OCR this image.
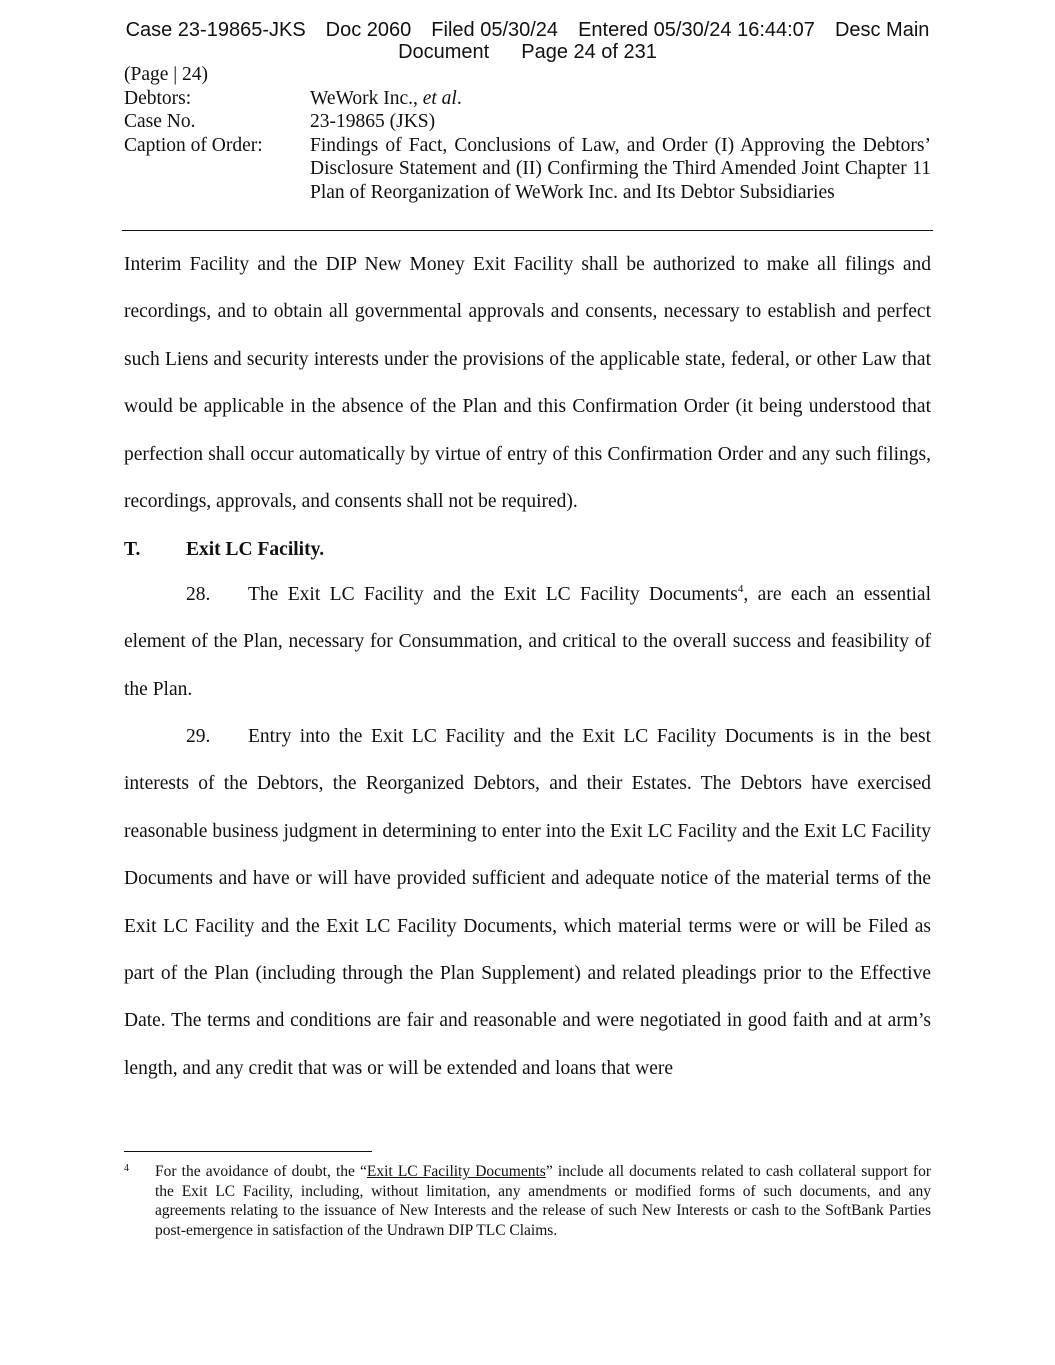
Case 23-19865-JKS Doc 2060 Filed 05/30/24 Entered 05/30/24 16:44:07 Desc Main
Document Page 24 of 231
(Page | 24)
Debtors:	WeWork Inc., et al.
Case No.	23-19865 (JKS)
Caption of Order:	Findings of Fact, Conclusions of Law, and Order (I) Approving the Debtors’ Disclosure Statement and (II) Confirming the Third Amended Joint Chapter 11 Plan of Reorganization of WeWork Inc. and Its Debtor Subsidiaries
Interim Facility and the DIP New Money Exit Facility shall be authorized to make all filings and recordings, and to obtain all governmental approvals and consents, necessary to establish and perfect such Liens and security interests under the provisions of the applicable state, federal, or other Law that would be applicable in the absence of the Plan and this Confirmation Order (it being understood that perfection shall occur automatically by virtue of entry of this Confirmation Order and any such filings, recordings, approvals, and consents shall not be required).
T. Exit LC Facility.
28. The Exit LC Facility and the Exit LC Facility Documents$^4$, are each an essential element of the Plan, necessary for Consummation, and critical to the overall success and feasibility of the Plan.
29. Entry into the Exit LC Facility and the Exit LC Facility Documents is in the best interests of the Debtors, the Reorganized Debtors, and their Estates. The Debtors have exercised reasonable business judgment in determining to enter into the Exit LC Facility and the Exit LC Facility Documents and have or will have provided sufficient and adequate notice of the material terms of the Exit LC Facility and the Exit LC Facility Documents, which material terms were or will be Filed as part of the Plan (including through the Plan Supplement) and related pleadings prior to the Effective Date. The terms and conditions are fair and reasonable and were negotiated in good faith and at arm’s length, and any credit that was or will be extended and loans that were
4	For the avoidance of doubt, the “Exit LC Facility Documents” include all documents related to cash collateral support for the Exit LC Facility, including, without limitation, any amendments or modified forms of such documents, and any agreements relating to the issuance of New Interests and the release of such New Interests or cash to the SoftBank Parties post-emergence in satisfaction of the Undrawn DIP TLC Claims.
